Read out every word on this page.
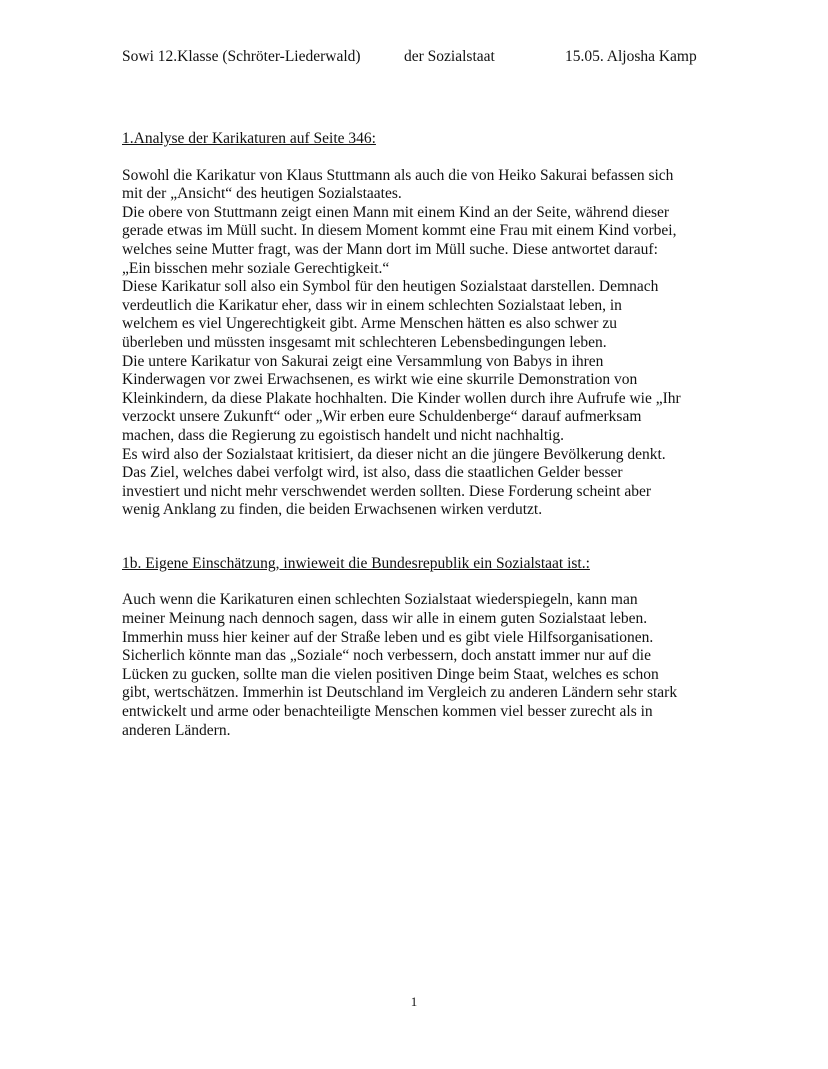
Sowi 12.Klasse (Schröter-Liederwald)	der Sozialstaat	15.05. Aljosha Kamp
1.Analyse der Karikaturen auf Seite 346:
Sowohl die Karikatur von Klaus Stuttmann als auch die von Heiko Sakurai befassen sich
mit der „Ansicht“ des heutigen Sozialstaates.
Die obere von Stuttmann zeigt einen Mann mit einem Kind an der Seite, während dieser
gerade etwas im Müll sucht. In diesem Moment kommt eine Frau mit einem Kind vorbei,
welches seine Mutter fragt, was der Mann dort im Müll suche. Diese antwortet darauf:
„Ein bisschen mehr soziale Gerechtigkeit.“
Diese Karikatur soll also ein Symbol für den heutigen Sozialstaat darstellen. Demnach
verdeutlich die Karikatur eher, dass wir in einem schlechten Sozialstaat leben, in
welchem es viel Ungerechtigkeit gibt. Arme Menschen hätten es also schwer zu
überleben und müssten insgesamt mit schlechteren Lebensbedingungen leben.
Die untere Karikatur von Sakurai zeigt eine Versammlung von Babys in ihren
Kinderwagen vor zwei Erwachsenen, es wirkt wie eine skurrile Demonstration von
Kleinkindern, da diese Plakate hochhalten. Die Kinder wollen durch ihre Aufrufe wie „Ihr
verzockt unsere Zukunft“ oder „Wir erben eure Schuldenberge“ darauf aufmerksam
machen, dass die Regierung zu egoistisch handelt und nicht nachhaltig.
Es wird also der Sozialstaat kritisiert, da dieser nicht an die jüngere Bevölkerung denkt.
Das Ziel, welches dabei verfolgt wird, ist also, dass die staatlichen Gelder besser
investiert und nicht mehr verschwendet werden sollten. Diese Forderung scheint aber
wenig Anklang zu finden, die beiden Erwachsenen wirken verdutzt.
1b. Eigene Einschätzung, inwieweit die Bundesrepublik ein Sozialstaat ist.:
Auch wenn die Karikaturen einen schlechten Sozialstaat wiederspiegeln, kann man
meiner Meinung nach dennoch sagen, dass wir alle in einem guten Sozialstaat leben.
Immerhin muss hier keiner auf der Straße leben und es gibt viele Hilfsorganisationen.
Sicherlich könnte man das „Soziale“ noch verbessern, doch anstatt immer nur auf die
Lücken zu gucken, sollte man die vielen positiven Dinge beim Staat, welches es schon
gibt, wertschätzen. Immerhin ist Deutschland im Vergleich zu anderen Ländern sehr stark
entwickelt und arme oder benachteiligte Menschen kommen viel besser zurecht als in
anderen Ländern.
1
